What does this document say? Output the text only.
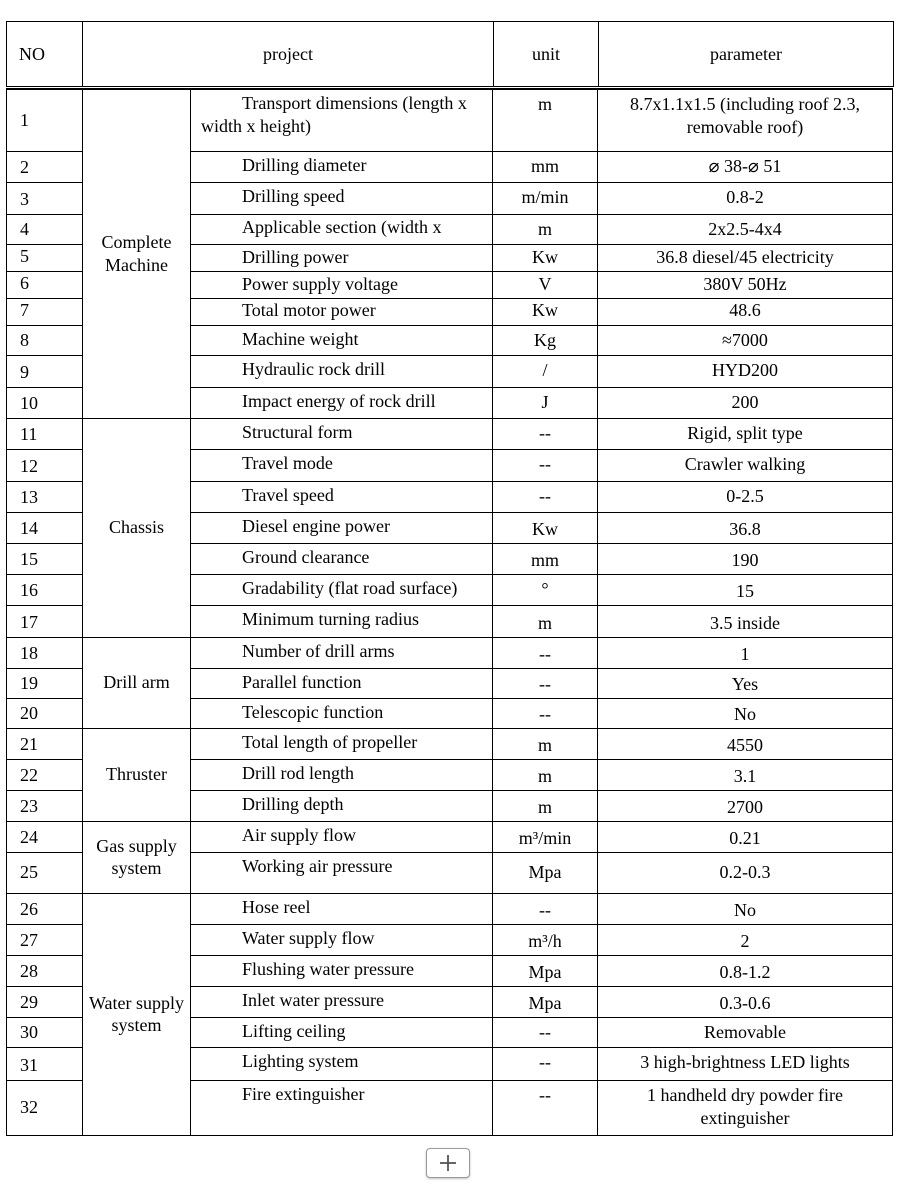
NO	project	unit	parameter
1	Complete Machine	Transport dimensions (length x width x height)	m	8.7x1.1x1.5 (including roof 2.3, removable roof)
2		Drilling diameter	mm	⌀ 38-⌀ 51
3		Drilling speed	m/min	0.8-2
4		Applicable section (width x	m	2x2.5-4x4
5		Drilling power	Kw	36.8 diesel/45 electricity
6		Power supply voltage	V	380V 50Hz
7		Total motor power	Kw	48.6
8		Machine weight	Kg	≈7000
9		Hydraulic rock drill	/	HYD200
10		Impact energy of rock drill	J	200
11	Chassis	Structural form	--	Rigid, split type
12		Travel mode	--	Crawler walking
13		Travel speed	--	0-2.5
14		Diesel engine power	Kw	36.8
15		Ground clearance	mm	190
16		Gradability (flat road surface)	°	15
17		Minimum turning radius	m	3.5 inside
18	Drill arm	Number of drill arms	--	1
19		Parallel function	--	Yes
20		Telescopic function	--	No
21	Thruster	Total length of propeller	m	4550
22		Drill rod length	m	3.1
23		Drilling depth	m	2700
24	Gas supply system	Air supply flow	m³/min	0.21
25		Working air pressure	Mpa	0.2-0.3
26	Water supply system	Hose reel	--	No
27		Water supply flow	m³/h	2
28		Flushing water pressure	Mpa	0.8-1.2
29		Inlet water pressure	Mpa	0.3-0.6
30		Lifting ceiling	--	Removable
31		Lighting system	--	3 high-brightness LED lights
32		Fire extinguisher	--	1 handheld dry powder fire extinguisher
